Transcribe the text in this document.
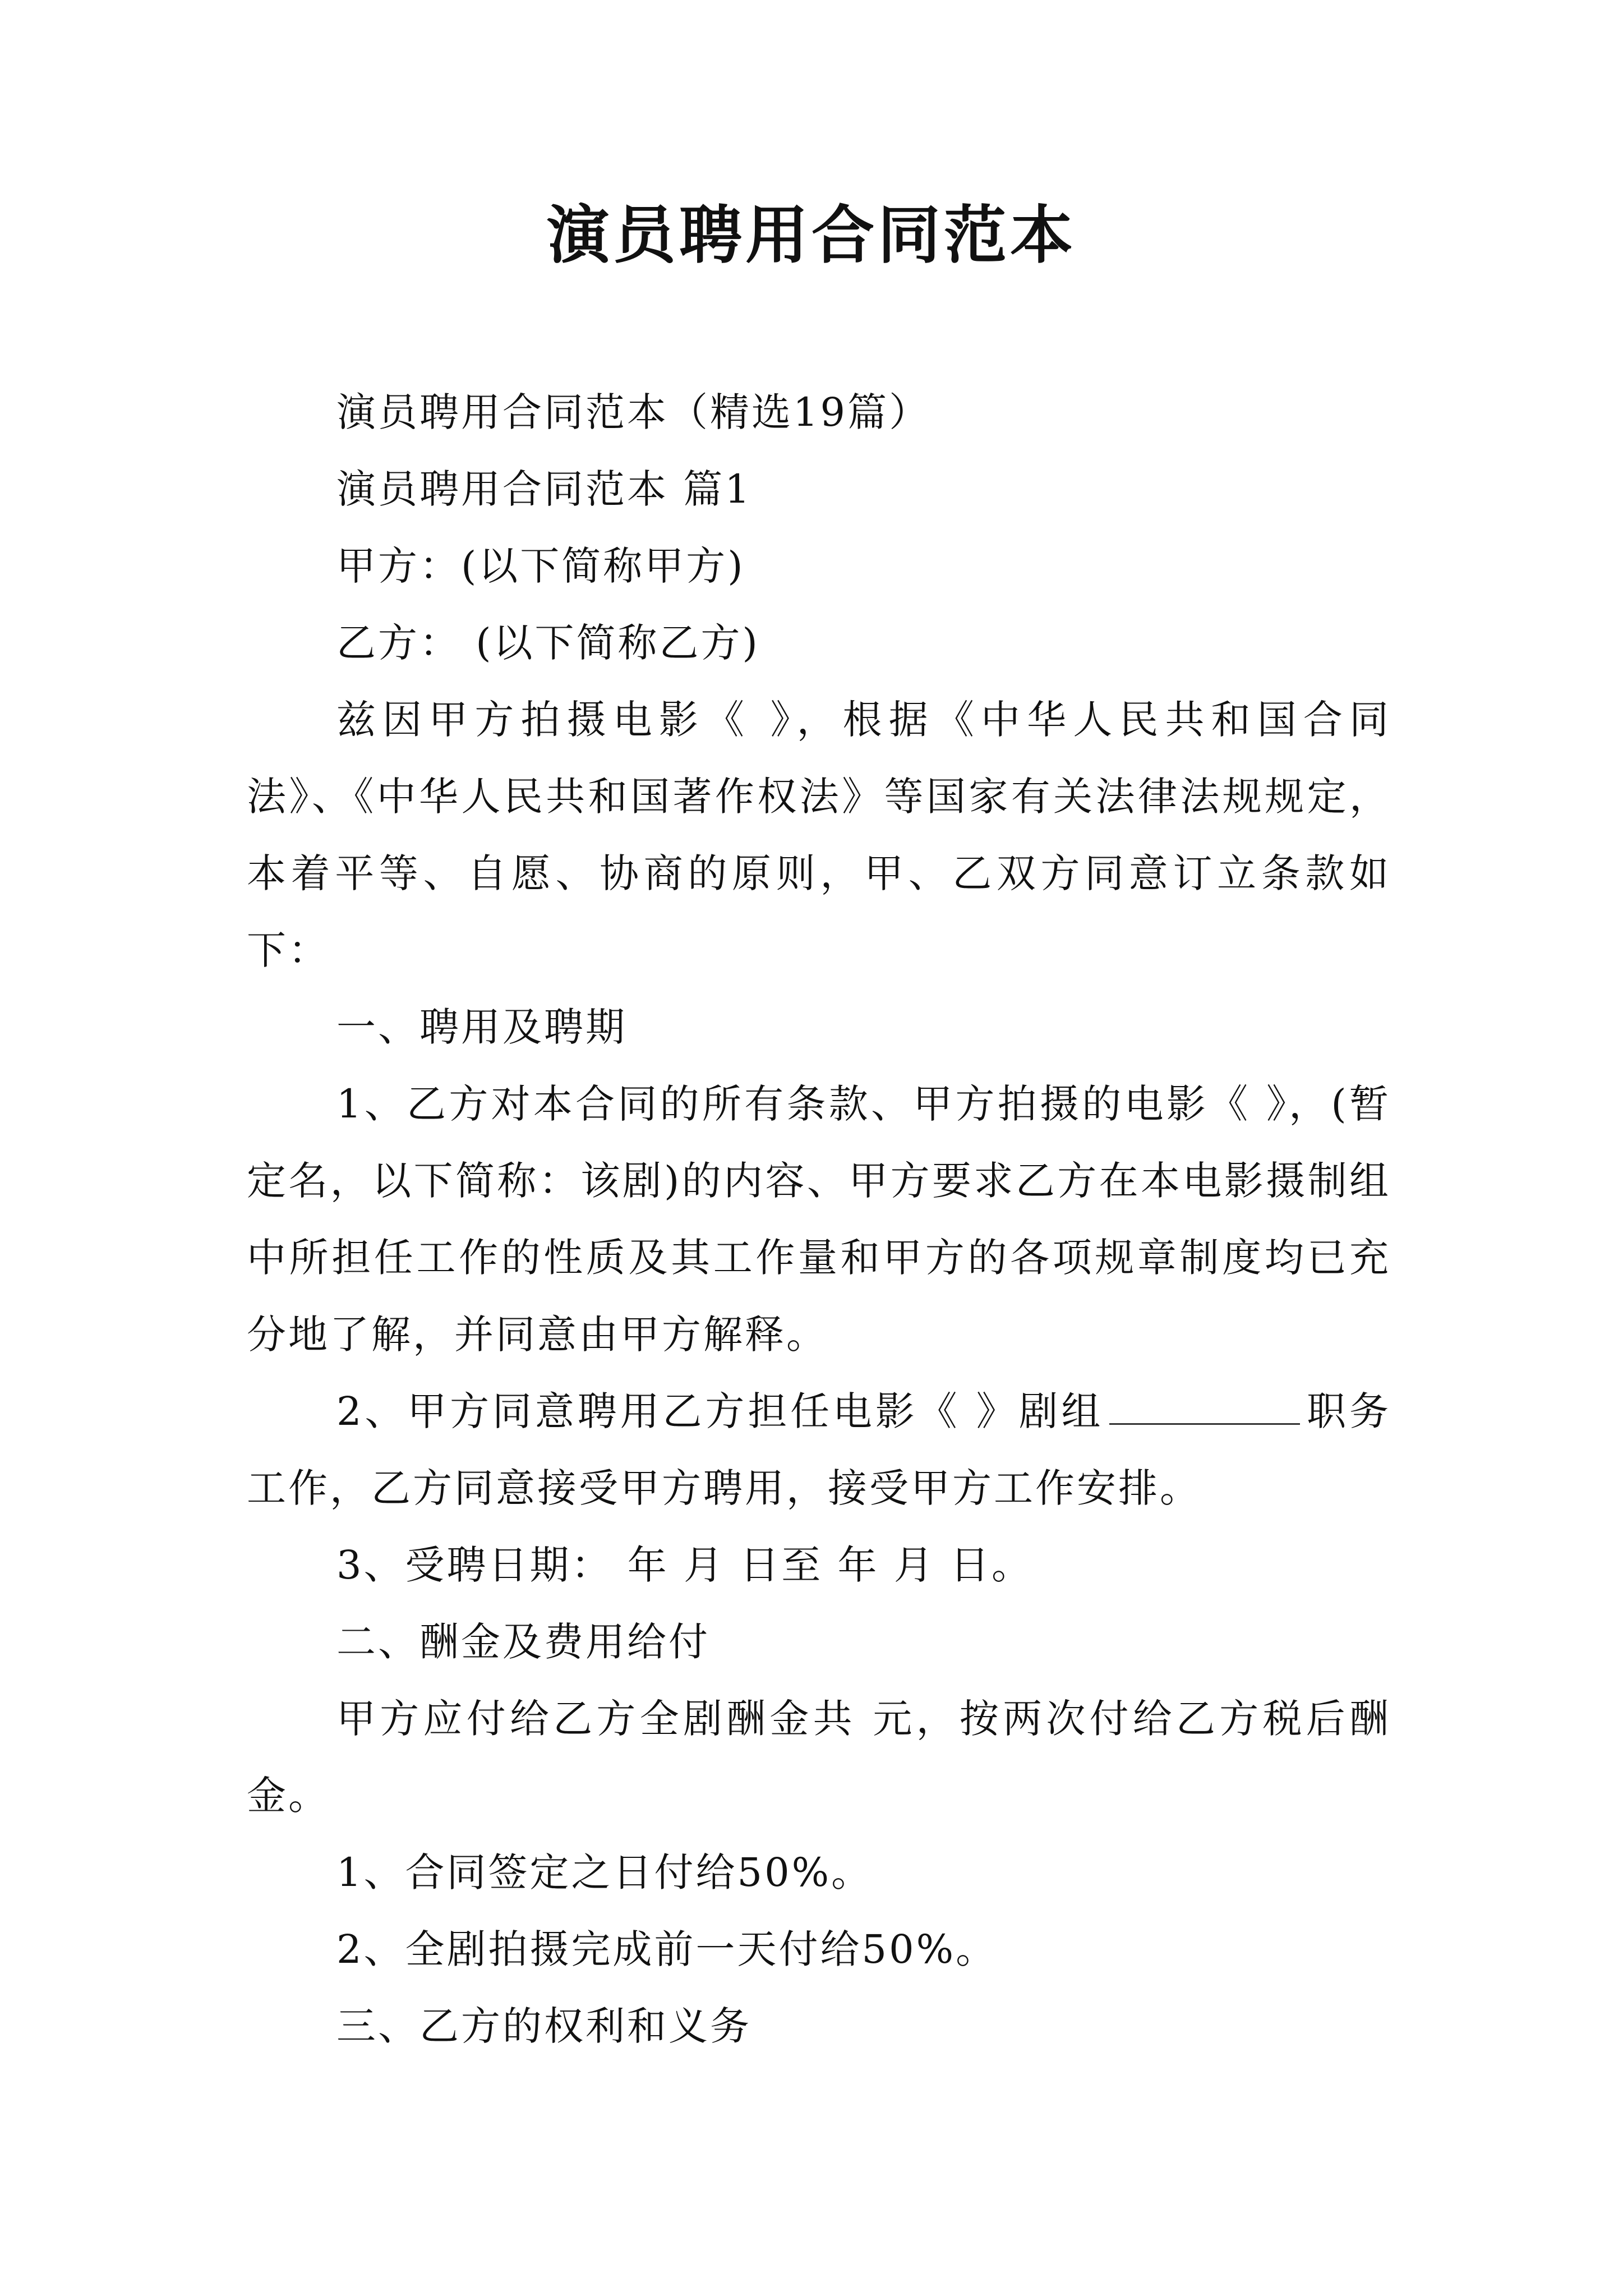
演员聘用合同范本

演员聘用合同范本（精选19篇）

演员聘用合同范本 篇1

甲方：(以下简称甲方)

乙方： (以下简称乙方)

兹因甲方拍摄电影《 》，根据《中华人民共和国合同法》、《中华人民共和国著作权法》等国家有关法律法规规定，本着平等、自愿、协商的原则，甲、乙双方同意订立条款如下：

一、聘用及聘期

1、乙方对本合同的所有条款、甲方拍摄的电影《 》，(暂定名，以下简称：该剧)的内容、甲方要求乙方在本电影摄制组中所担任工作的性质及其工作量和甲方的各项规章制度均已充分地了解，并同意由甲方解释。

2、甲方同意聘用乙方担任电影《 》剧组	职务工作，乙方同意接受甲方聘用，接受甲方工作安排。

3、受聘日期： 年 月 日至 年 月 日。

二、酬金及费用给付

甲方应付给乙方全剧酬金共 元，按两次付给乙方税后酬金。

1、合同签定之日付给50%。

2、全剧拍摄完成前一天付给50%。

三、乙方的权利和义务
